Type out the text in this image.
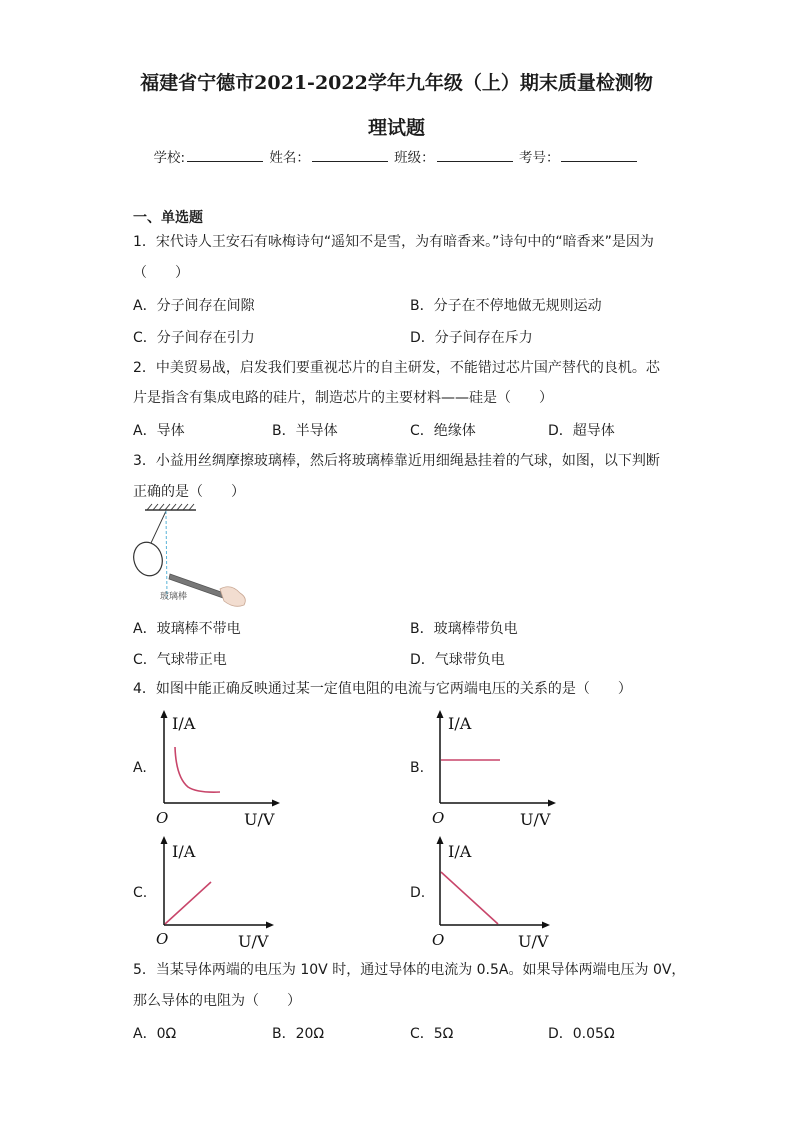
福建省宁德市2021-2022学年九年级（上）期末质量检测物
理试题
学校:	姓名：	班级：	考号：
一、单选题
1．宋代诗人王安石有咏梅诗句“遥知不是雪，为有暗香来。”诗句中的“暗香来”是因为
（　　）
A．分子间存在间隙	B．分子在不停地做无规则运动
C．分子间存在引力	D．分子间存在斥力
2．中美贸易战，启发我们要重视芯片的自主研发，不能错过芯片国产替代的良机。芯
片是指含有集成电路的硅片，制造芯片的主要材料——硅是（　　）
A．导体	B．半导体	C．绝缘体	D．超导体
3．小益用丝绸摩擦玻璃棒，然后将玻璃棒靠近用细绳悬挂着的气球，如图，以下判断
正确的是（　　）
玻璃棒
A．玻璃棒不带电	B．玻璃棒带负电
C．气球带正电	D．气球带负电
4．如图中能正确反映通过某一定值电阻的电流与它两端电压的关系的是（　　）
A.
I/A
O	U/V
B.
I/A
O	U/V
C.
I/A
O	U/V
D.
I/A
O	U/V
5．当某导体两端的电压为 10V 时，通过导体的电流为 0.5A。如果导体两端电压为 0V，
那么导体的电阻为（　　）
A．0Ω	B．20Ω	C．5Ω	D．0.05Ω
